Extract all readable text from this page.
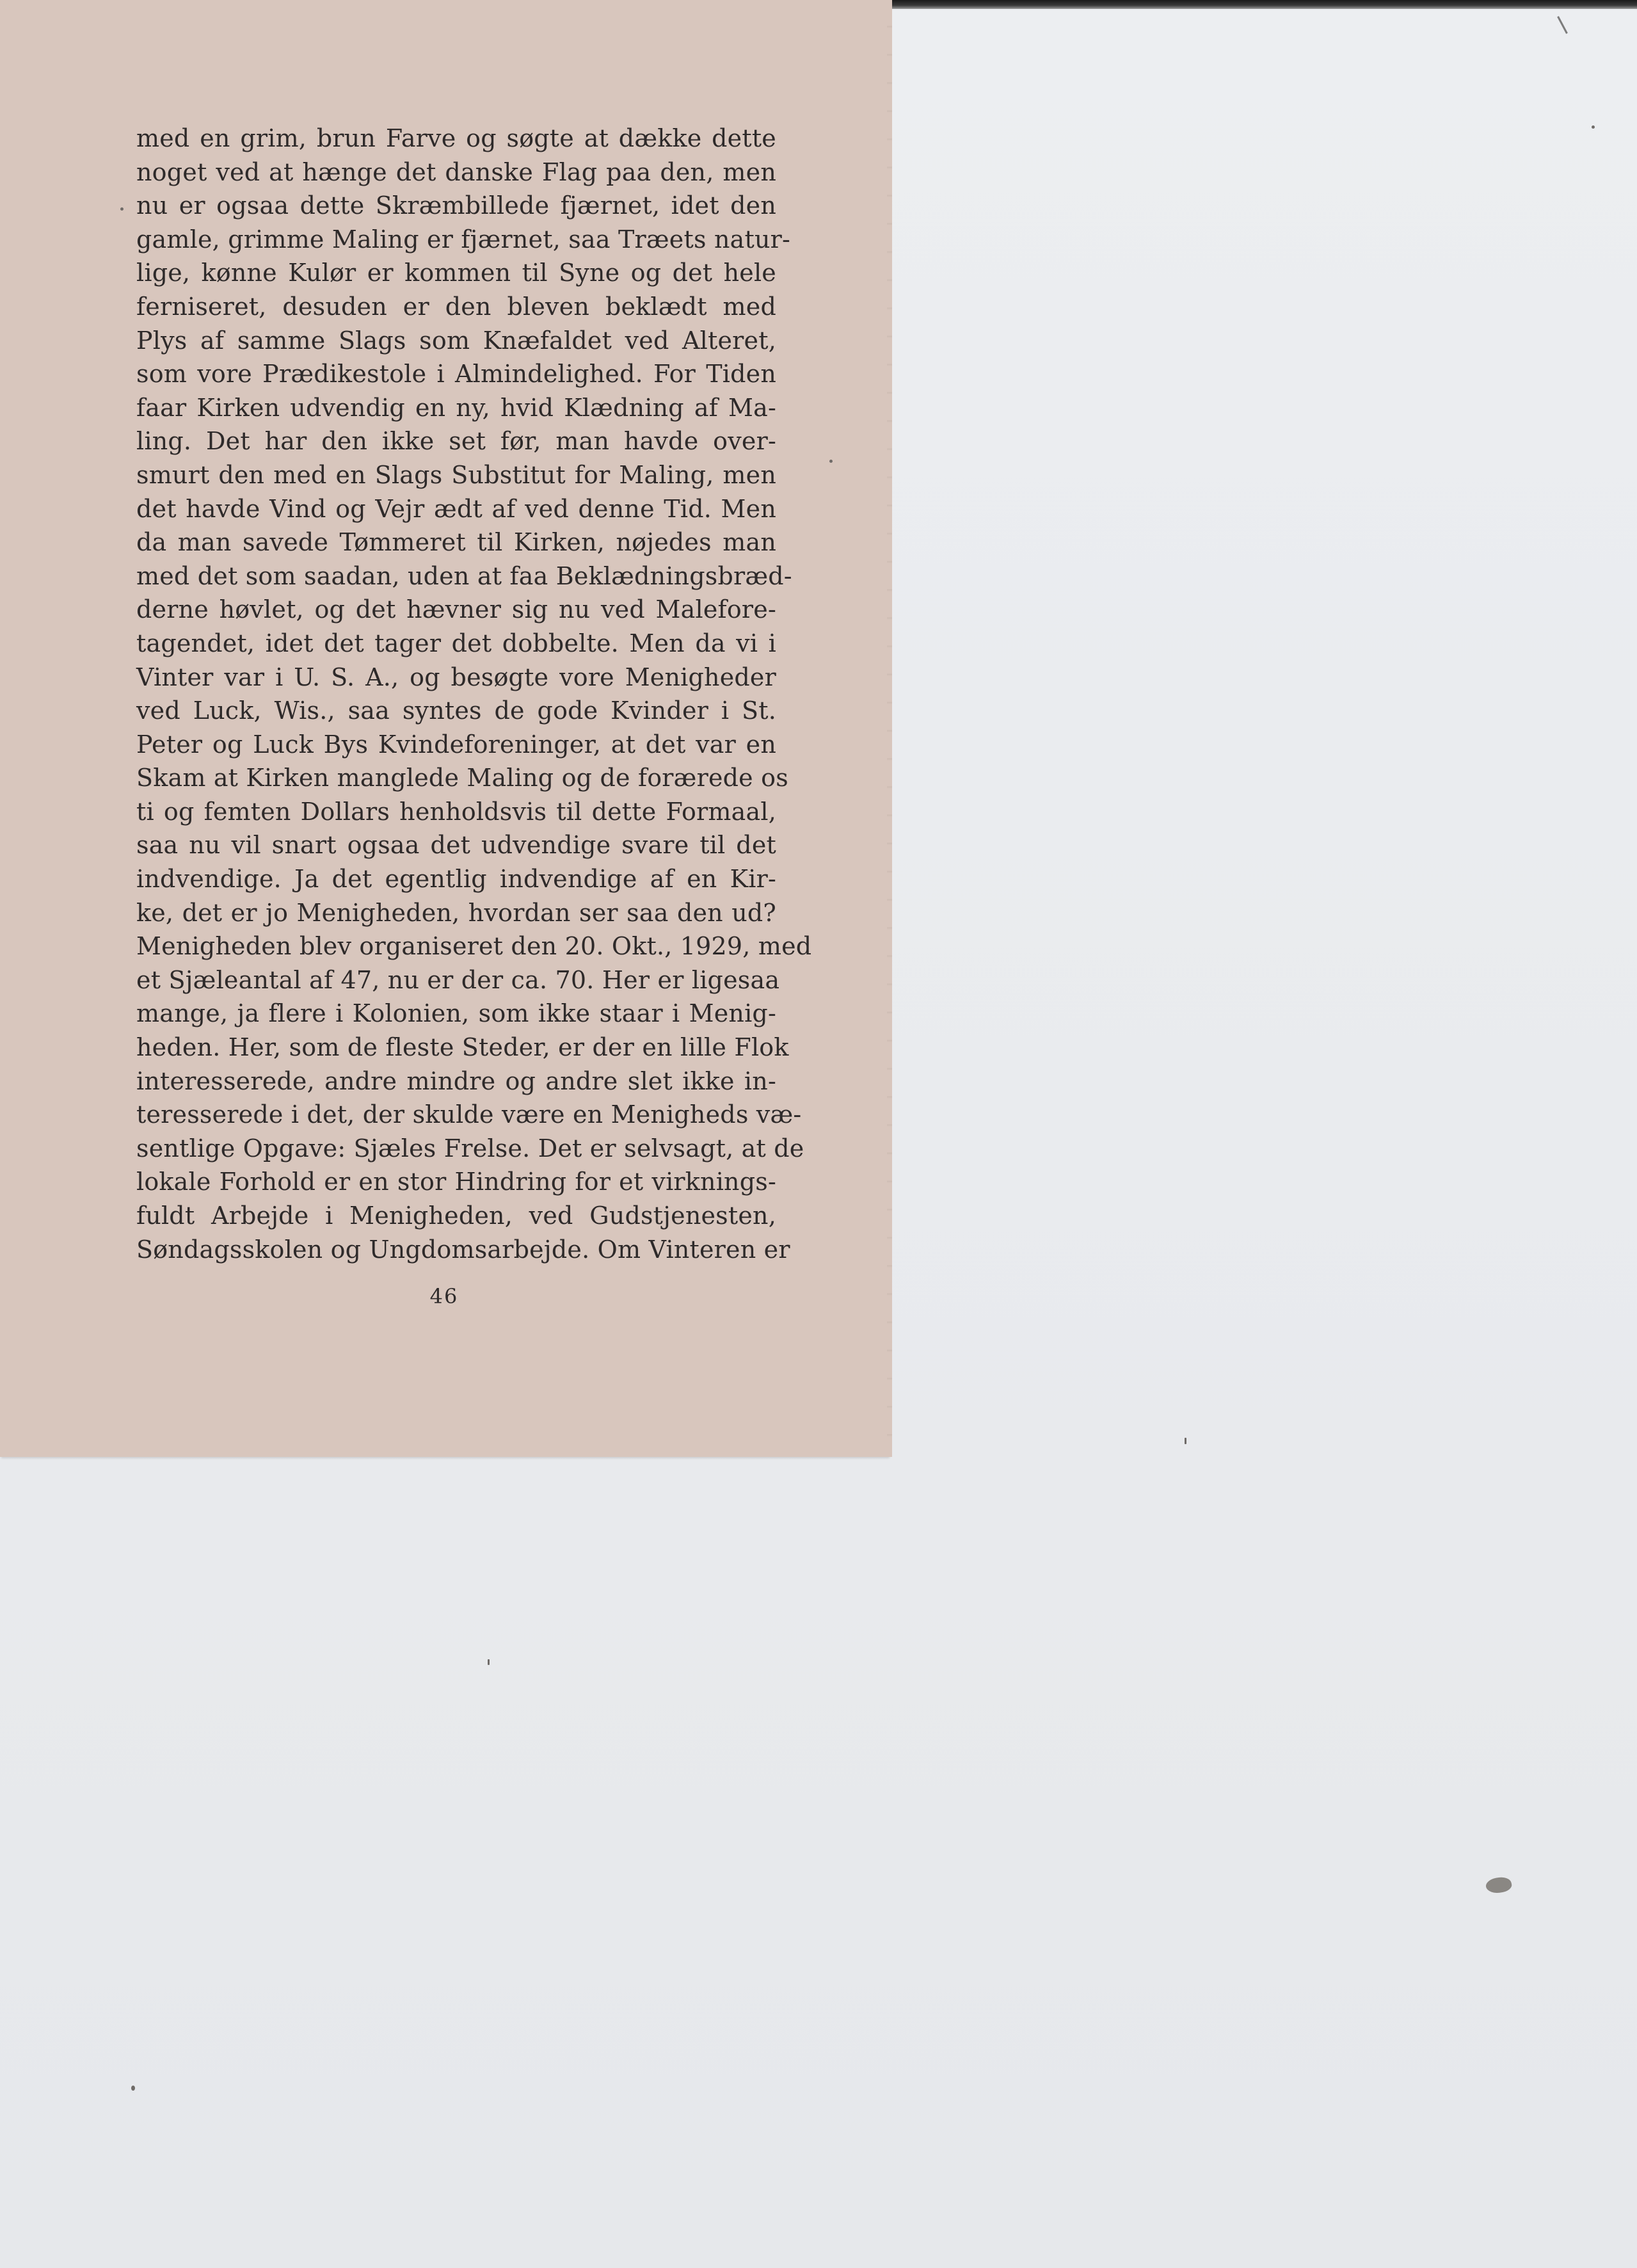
med en grim, brun Farve og søgte at dække dette
noget ved at hænge det danske Flag paa den, men
nu er ogsaa dette Skræmbillede fjærnet, idet den
gamle, grimme Maling er fjærnet, saa Træets natur-
lige, kønne Kulør er kommen til Syne og det hele
ferniseret, desuden er den bleven beklædt med
Plys af samme Slags som Knæfaldet ved Alteret,
som vore Prædikestole i Almindelighed. For Tiden
faar Kirken udvendig en ny, hvid Klædning af Ma-
ling. Det har den ikke set før, man havde over-
smurt den med en Slags Substitut for Maling, men
det havde Vind og Vejr ædt af ved denne Tid. Men
da man savede Tømmeret til Kirken, nøjedes man
med det som saadan, uden at faa Beklædningsbræd-
derne høvlet, og det hævner sig nu ved Malefore-
tagendet, idet det tager det dobbelte. Men da vi i
Vinter var i U. S. A., og besøgte vore Menigheder
ved Luck, Wis., saa syntes de gode Kvinder i St.
Peter og Luck Bys Kvindeforeninger, at det var en
Skam at Kirken manglede Maling og de forærede os
ti og femten Dollars henholdsvis til dette Formaal,
saa nu vil snart ogsaa det udvendige svare til det
indvendige. Ja det egentlig indvendige af en Kir-
ke, det er jo Menigheden, hvordan ser saa den ud?
Menigheden blev organiseret den 20. Okt., 1929, med
et Sjæleantal af 47, nu er der ca. 70. Her er ligesaa
mange, ja flere i Kolonien, som ikke staar i Menig-
heden. Her, som de fleste Steder, er der en lille Flok
interesserede, andre mindre og andre slet ikke in-
teresserede i det, der skulde være en Menigheds væ-
sentlige Opgave: Sjæles Frelse. Det er selvsagt, at de
lokale Forhold er en stor Hindring for et virknings-
fuldt Arbejde i Menigheden, ved Gudstjenesten,
Søndagsskolen og Ungdomsarbejde. Om Vinteren er
46
